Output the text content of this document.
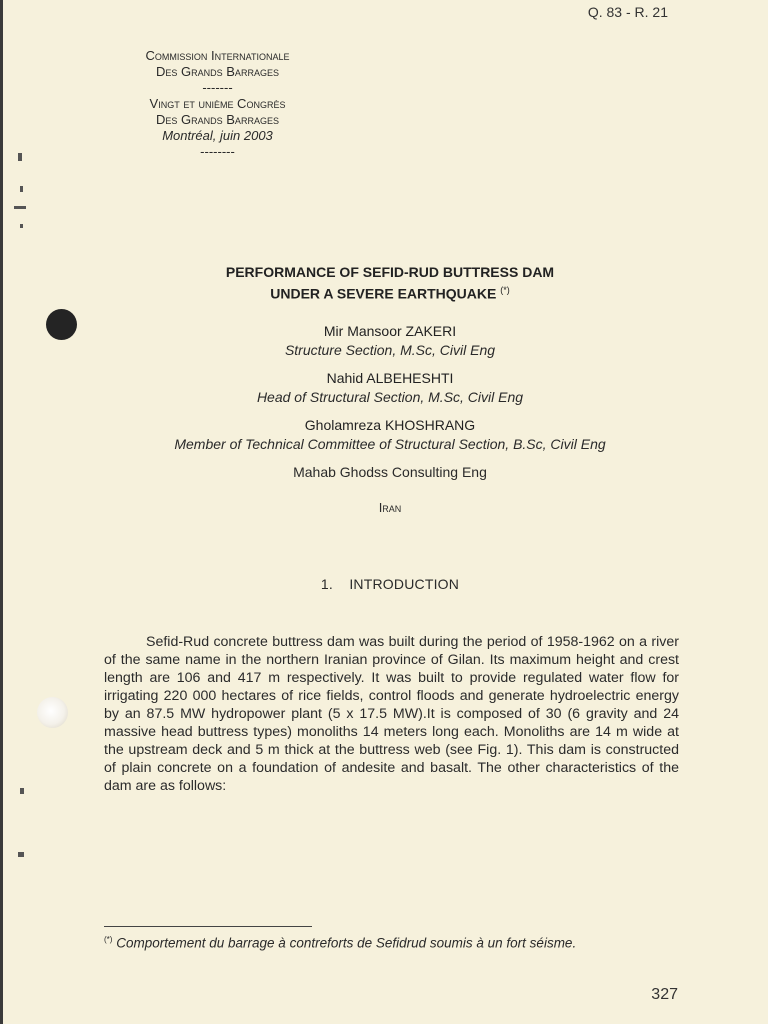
Q. 83 - R. 21
Commission Internationale
Des Grands Barrages
-------
Vingt et unième Congrès
Des Grands Barrages
Montréal, juin 2003
--------
PERFORMANCE OF SEFID-RUD BUTTRESS DAM
UNDER A SEVERE EARTHQUAKE (*)
Mir Mansoor ZAKERI
Structure Section, M.Sc, Civil Eng
Nahid ALBEHESHTI
Head of Structural Section, M.Sc, Civil Eng
Gholamreza KHOSHRANG
Member of Technical Committee of Structural Section, B.Sc, Civil Eng
Mahab Ghodss Consulting Eng
Iran
1. INTRODUCTION

Sefid-Rud concrete buttress dam was built during the period of 1958-1962 on a river of the same name in the northern Iranian province of Gilan. Its maximum height and crest length are 106 and 417 m respectively. It was built to provide regulated water flow for irrigating 220 000 hectares of rice fields, control floods and generate hydroelectric energy by an 87.5 MW hydropower plant (5 x 17.5 MW).It is composed of 30 (6 gravity and 24 massive head buttress types) monoliths 14 meters long each. Monoliths are 14 m wide at the upstream deck and 5 m thick at the buttress web (see Fig. 1). This dam is constructed of plain concrete on a foundation of andesite and basalt. The other characteristics of the dam are as follows:

(*) Comportement du barrage à contreforts de Sefidrud soumis à un fort séisme.
327
